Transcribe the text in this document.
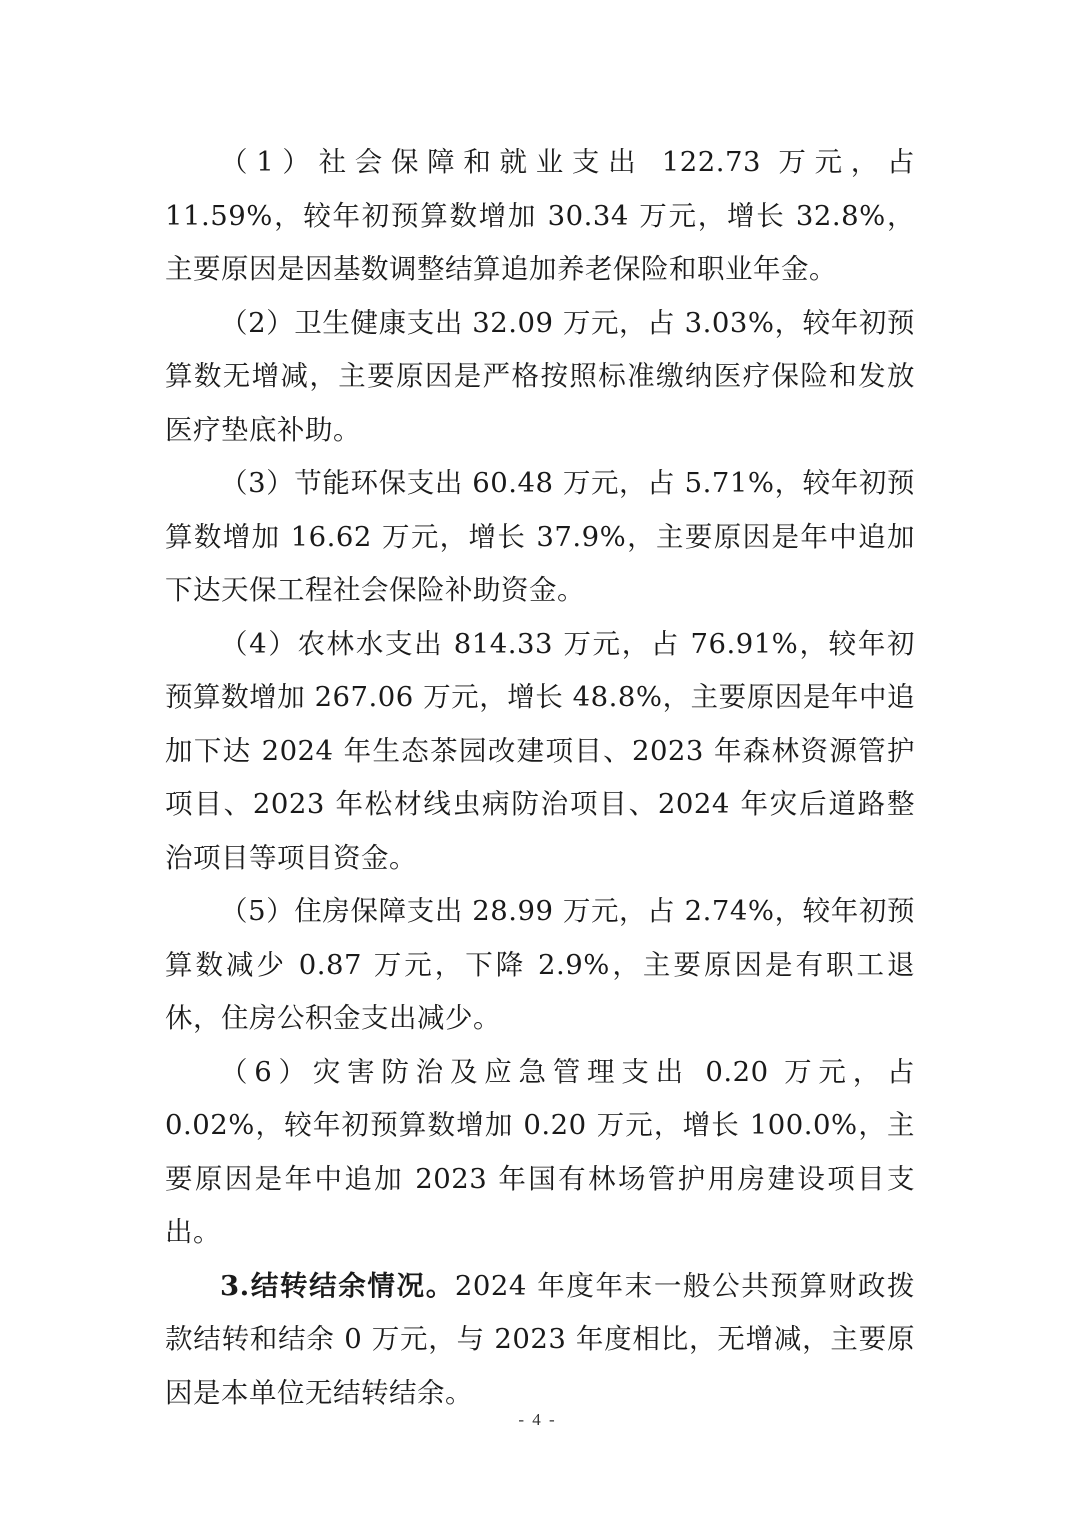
（1）社会保障和就业支出 122.73 万元，占 11.59%，较年初预算数增加 30.34 万元，增长 32.8%，主要原因是因基数调整结算追加养老保险和职业年金。

（2）卫生健康支出 32.09 万元，占 3.03%，较年初预算数无增减，主要原因是严格按照标准缴纳医疗保险和发放医疗垫底补助。

（3）节能环保支出 60.48 万元，占 5.71%，较年初预算数增加 16.62 万元，增长 37.9%，主要原因是年中追加下达天保工程社会保险补助资金。

（4）农林水支出 814.33 万元，占 76.91%，较年初预算数增加 267.06 万元，增长 48.8%，主要原因是年中追加下达 2024 年生态茶园改建项目、2023 年森林资源管护项目、2023 年松材线虫病防治项目、2024 年灾后道路整治项目等项目资金。

（5）住房保障支出 28.99 万元，占 2.74%，较年初预算数减少 0.87 万元，下降 2.9%，主要原因是有职工退休，住房公积金支出减少。

（6）灾害防治及应急管理支出 0.20 万元，占 0.02%，较年初预算数增加 0.20 万元，增长 100.0%，主要原因是年中追加 2023 年国有林场管护用房建设项目支出。

3.结转结余情况。2024 年度年末一般公共预算财政拨款结转和结余 0 万元，与 2023 年度相比，无增减，主要原因是本单位无结转结余。

- 4 -
